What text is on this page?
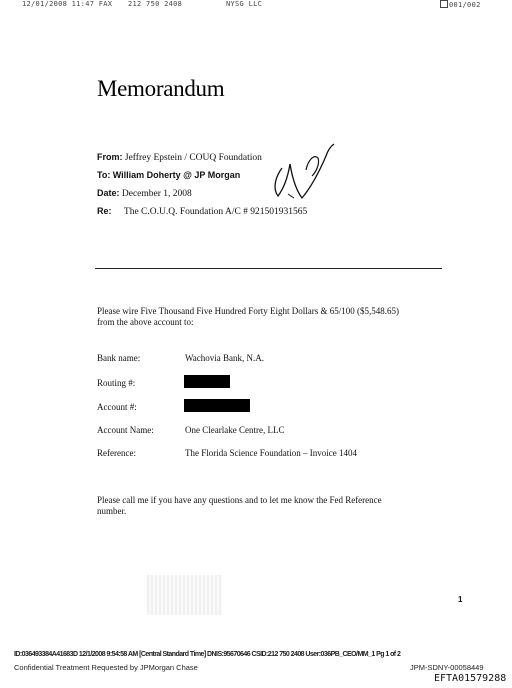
12/01/2008 11:47 FAX 212 750 2408	NYSG LLC	001/002
Memorandum
From: Jeffrey Epstein / COUQ Foundation
To: William Doherty @ JP Morgan
Date: December 1, 2008
Re: The C.O.U.Q. Foundation A/C # 921501931565
Please wire Five Thousand Five Hundred Forty Eight Dollars & 65/100 ($5,548.65)
from the above account to:
Bank name:	Wachovia Bank, N.A.
Routing #:
Account #:
Account Name:	One Clearlake Centre, LLC
Reference:	The Florida Science Foundation – Invoice 1404
Please call me if you have any questions and to let me know the Fed Reference
number.
1
ID:036493384A41683D 12/1/2008 9:54:58 AM [Central Standard Time] DNIS:95670646 CSID:212 750 2408 User:036PB_CEO/MM_1 Pg 1 of 2
Confidential Treatment Requested by JPMorgan Chase	JPM-SDNY-00058449
EFTA01579288
